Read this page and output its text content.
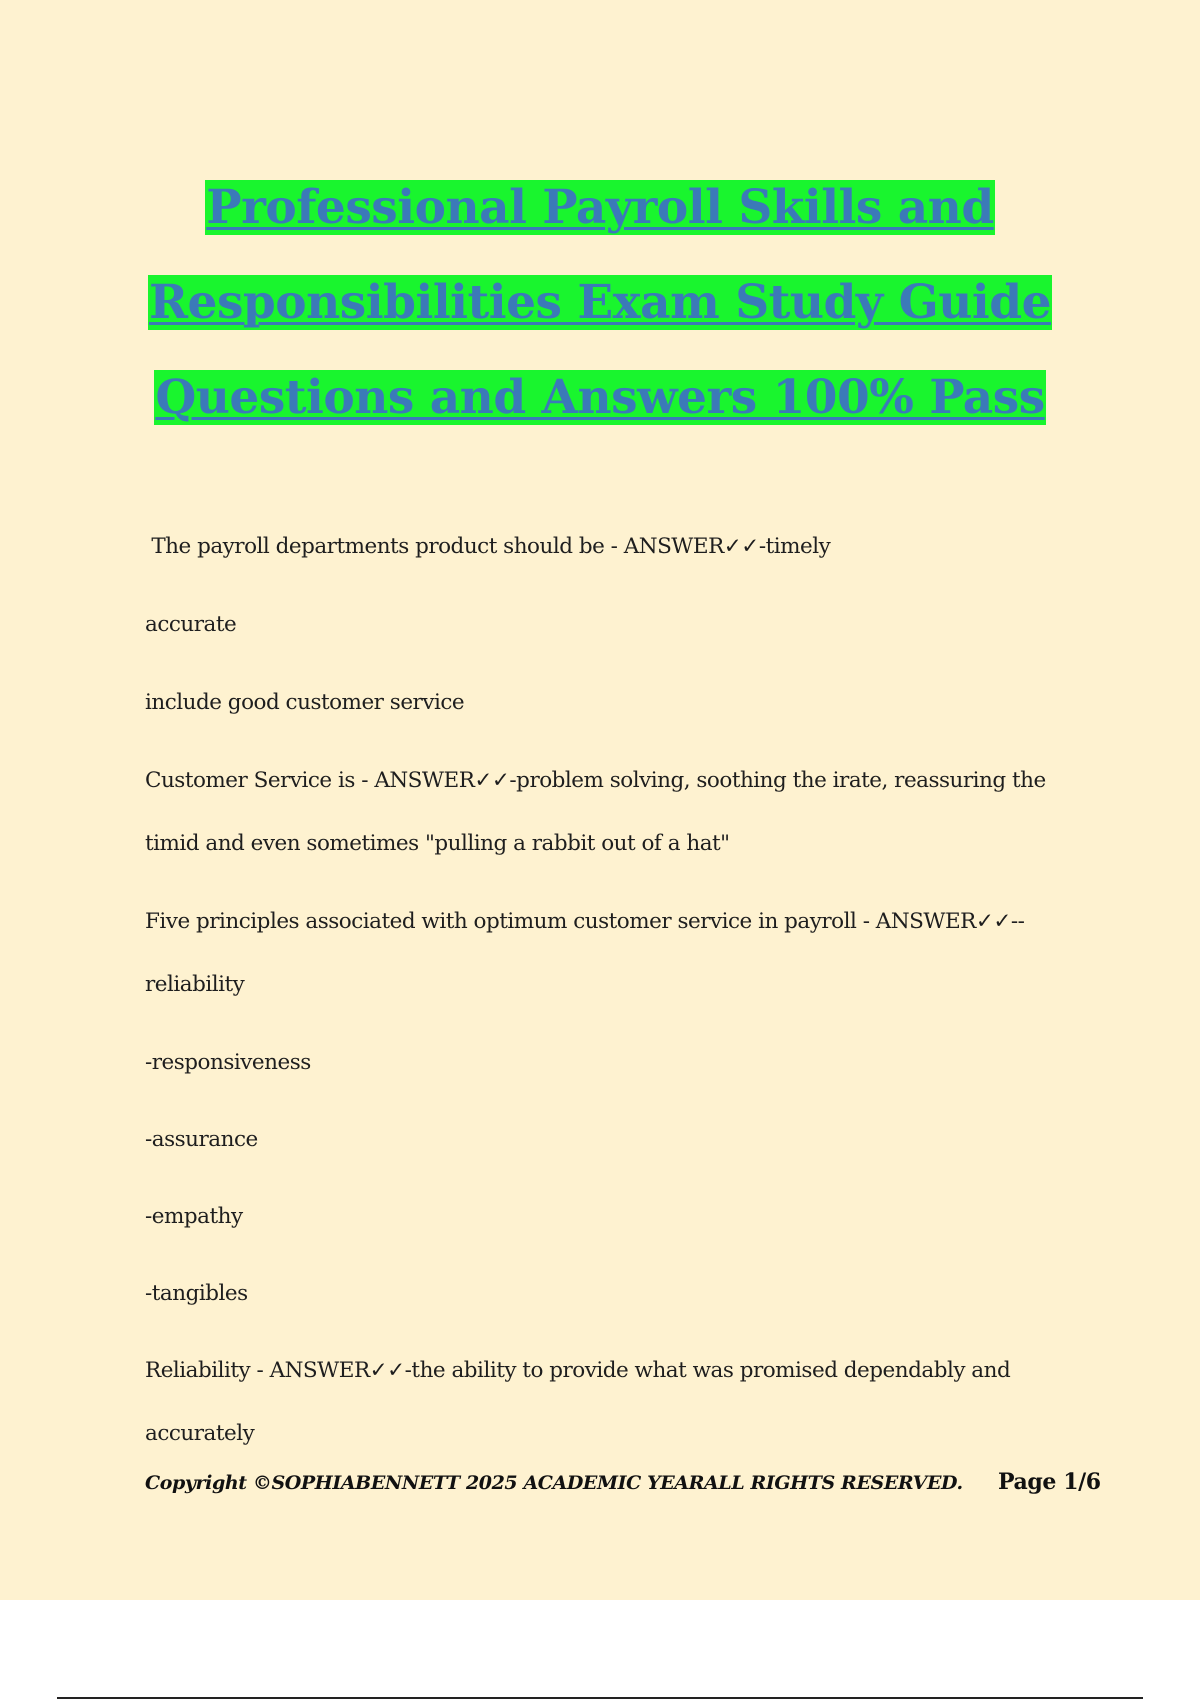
Professional Payroll Skills and
Responsibilities Exam Study Guide
Questions and Answers 100% Pass

The payroll departments product should be - ANSWER✓✓-timely

accurate

include good customer service

Customer Service is - ANSWER✓✓-problem solving, soothing the irate, reassuring the

timid and even sometimes "pulling a rabbit out of a hat"

Five principles associated with optimum customer service in payroll - ANSWER✓✓--

reliability

-responsiveness

-assurance

-empathy

-tangibles

Reliability - ANSWER✓✓-the ability to provide what was promised dependably and

accurately

Copyright ©SOPHIABENNETT 2025 ACADEMIC YEARALL RIGHTS RESERVED. Page 1/6
